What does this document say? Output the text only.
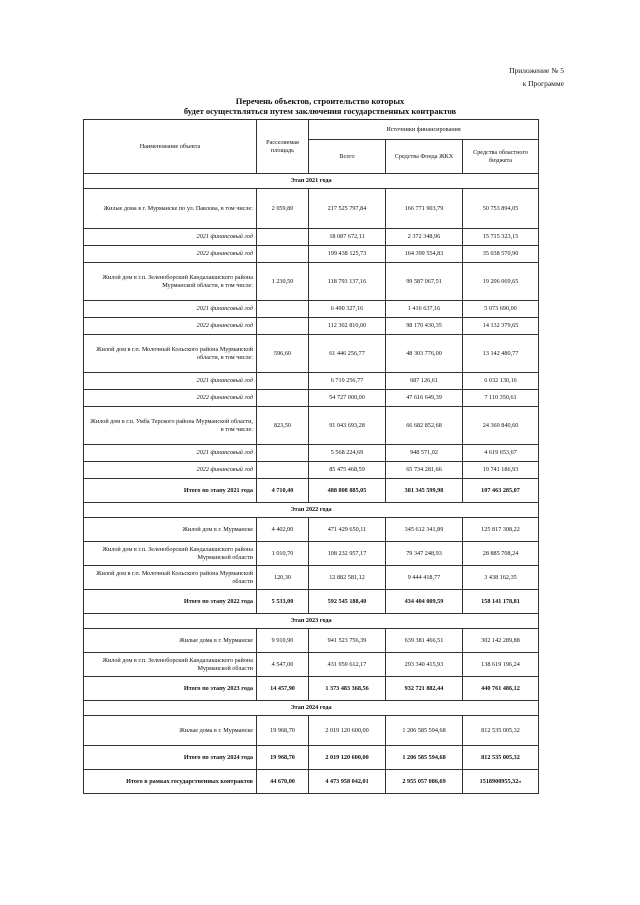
Приложение № 5
к Программе
Перечень объектов, строительство которых
будет осуществляться путем заключения государственных контрактов
Наименование объекта	Расселяемая площадь	Источники финансирования		
		Всего	Средства Фонда ЖКХ	Средства областного бюджета
Этап 2021 года				
Жилые дома в г. Мурманске по ул. Павлова, в том числе:	2 059,80	217 525 797,84	166 771 903,79	50 753 894,05
2021 финансовый год		18 087 672,11	2 372 348,96	15 715 323,15
2022 финансовый год		199 438 125,73	164 399 554,83	35 038 570,90
Жилой дом в г.п. Зеленоборский Кандалакшского района Мурманской области, в том числе:	1 230,50	118 793 137,16	99 587 067,51	19 206 069,65
2021 финансовый год		6 490 327,16	1 416 637,16	5 073 690,00
2022 финансовый год		112 302 810,00	98 170 430,35	14 132 379,65
Жилой дом в г.п. Молочный Кольского района Мурманской области, в том числе:	596,60	61 446 256,77	48 303 776,00	13 142 480,77
2021 финансовый год		6 719 256,77	687 126,61	6 032 130,16
2022 финансовый год		54 727 000,00	47 616 649,39	7 110 350,61
Жилой дом в г.п. Умба Терского района Мурманской области, в том числе:	823,50	91 043 693,28	66 682 852,68	24 360 840,60
2021 финансовый год		5 568 224,69	948 571,02	4 619 653,67
2022 финансовый год		85 475 468,59	65 734 281,66	19 741 186,93
Итого по этапу 2021 года	4 710,40	488 808 885,05	381 345 599,98	107 463 285,07
Этап 2022 года				
Жилой дом в г. Мурманске	4 402,00	471 429 650,11	345 612 341,89	125 817 308,22
Жилой дом в г.п. Зеленоборский Кандалакшского района Мурманской области	1 010,70	108 232 957,17	79 347 248,93	28 885 708,24
Жилой дом в г.п. Молочный Кольского района Мурманской области	120,30	12 882 581,12	9 444 418,77	3 438 162,35
Итого по этапу 2022 года	5 533,00	592 545 188,40	434 404 009,59	158 141 178,81
Этап 2023 года				
Жилые дома в г. Мурманске	9 910,90	941 523 756,39	639 381 466,51	302 142 289,88
Жилой дом в г.п. Зеленоборский Кандалакшского района Мурманской области	4 547,00	431 959 612,17	293 340 415,93	138 619 196,24
Итого по этапу 2023 года	14 457,90	1 373 483 368,56	932 721 882,44	440 761 486,12
Этап 2024 года				
Жилые дома в г. Мурманске	19 968,70	2 019 120 600,00	1 206 585 594,68	812 535 005,32
Итого по этапу 2024 года	19 968,70	2 019 120 600,00	1 206 585 594,68	812 535 005,32
Итого в рамках государственных контрактов	44 670,00	4 473 958 042,01	2 955 057 086,69	1518900955,32»
